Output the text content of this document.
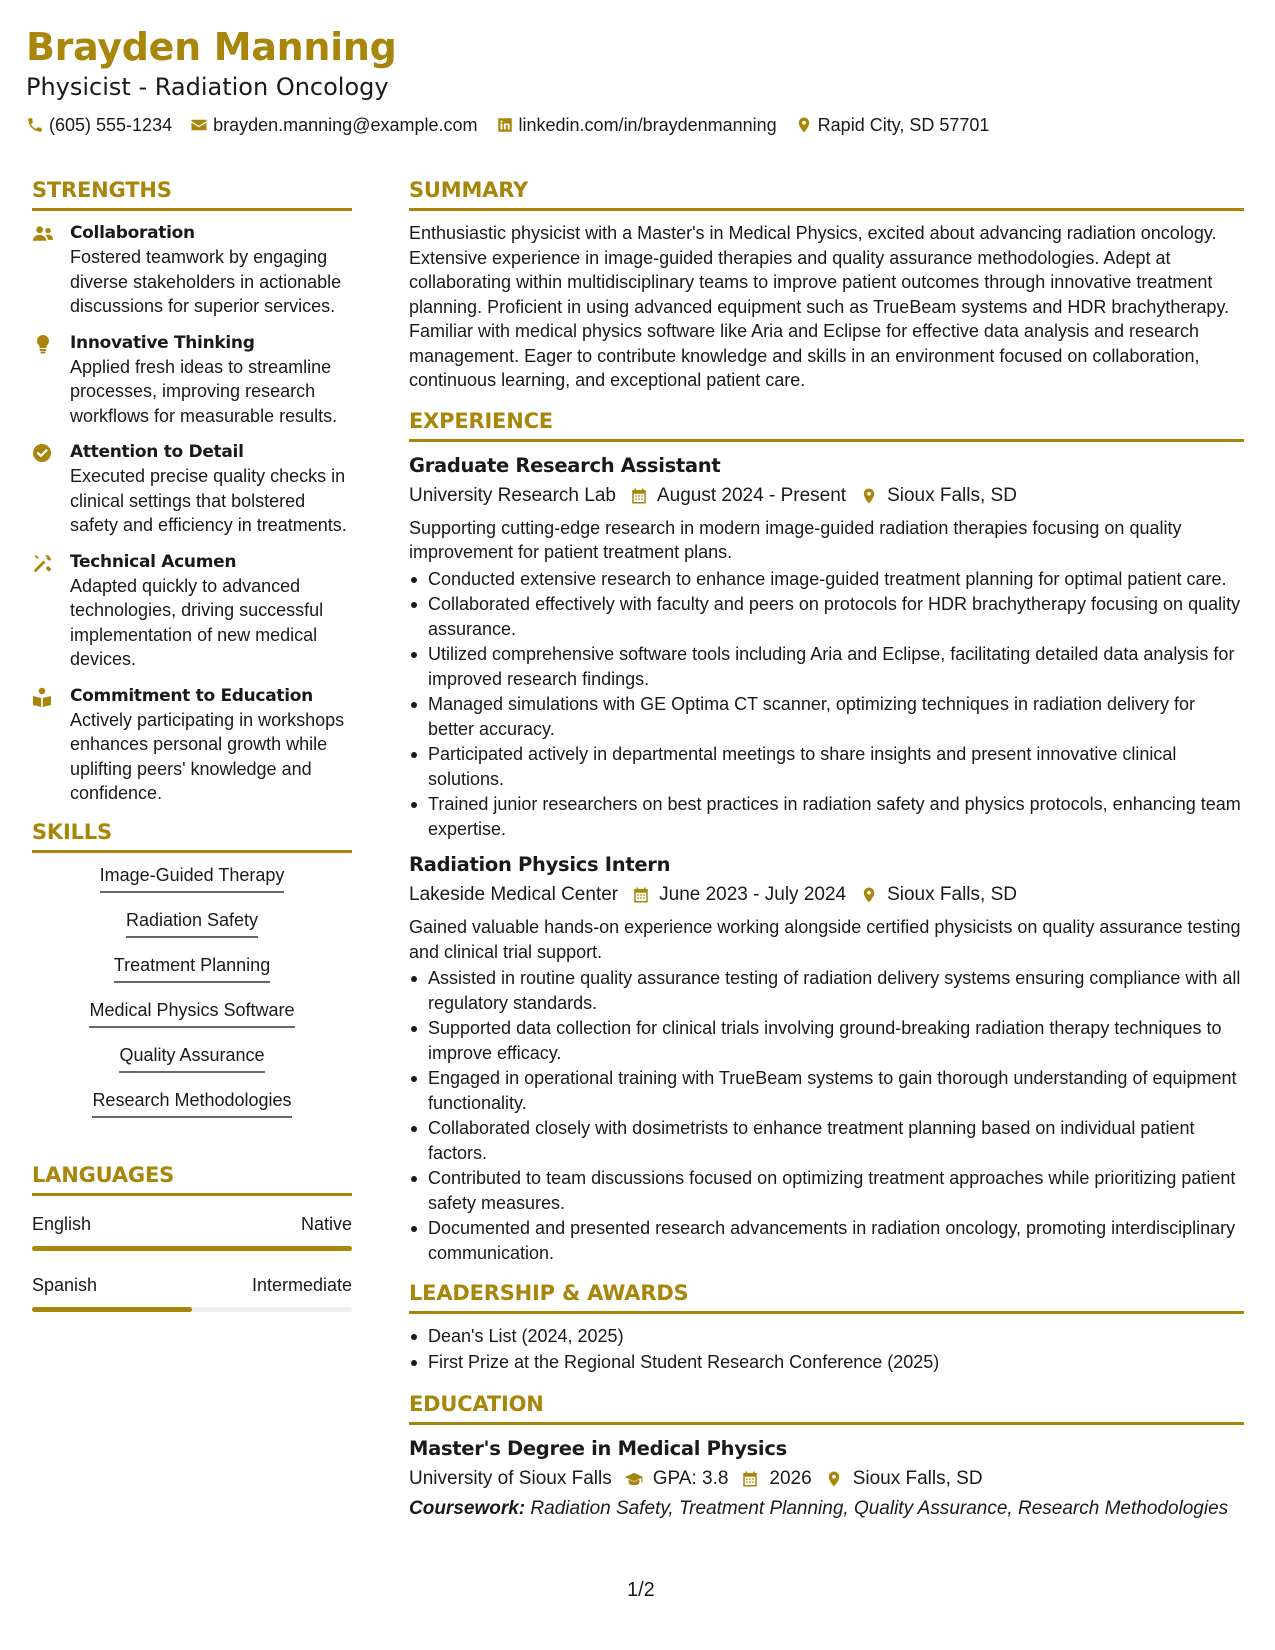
Brayden Manning
Physicist - Radiation Oncology
(605) 555-1234 brayden.manning@example.com linkedin.com/in/braydenmanning Rapid City, SD 57701
STRENGTHS
Collaboration
Fostered teamwork by engaging diverse stakeholders in actionable discussions for superior services.
Innovative Thinking
Applied fresh ideas to streamline processes, improving research workflows for measurable results.
Attention to Detail
Executed precise quality checks in clinical settings that bolstered safety and efficiency in treatments.
Technical Acumen
Adapted quickly to advanced technologies, driving successful implementation of new medical devices.
Commitment to Education
Actively participating in workshops enhances personal growth while uplifting peers' knowledge and confidence.
SKILLS
Image-Guided Therapy
Radiation Safety
Treatment Planning
Medical Physics Software
Quality Assurance
Research Methodologies
LANGUAGES
English	Native
Spanish	Intermediate
SUMMARY
Enthusiastic physicist with a Master's in Medical Physics, excited about advancing radiation oncology. Extensive experience in image-guided therapies and quality assurance methodologies. Adept at collaborating within multidisciplinary teams to improve patient outcomes through innovative treatment planning. Proficient in using advanced equipment such as TrueBeam systems and HDR brachytherapy. Familiar with medical physics software like Aria and Eclipse for effective data analysis and research management. Eager to contribute knowledge and skills in an environment focused on collaboration, continuous learning, and exceptional patient care.
EXPERIENCE
Graduate Research Assistant
University Research Lab August 2024 - Present Sioux Falls, SD
Supporting cutting-edge research in modern image-guided radiation therapies focusing on quality improvement for patient treatment plans.
Conducted extensive research to enhance image-guided treatment planning for optimal patient care.
Collaborated effectively with faculty and peers on protocols for HDR brachytherapy focusing on quality assurance.
Utilized comprehensive software tools including Aria and Eclipse, facilitating detailed data analysis for improved research findings.
Managed simulations with GE Optima CT scanner, optimizing techniques in radiation delivery for better accuracy.
Participated actively in departmental meetings to share insights and present innovative clinical solutions.
Trained junior researchers on best practices in radiation safety and physics protocols, enhancing team expertise.
Radiation Physics Intern
Lakeside Medical Center June 2023 - July 2024 Sioux Falls, SD
Gained valuable hands-on experience working alongside certified physicists on quality assurance testing and clinical trial support.
Assisted in routine quality assurance testing of radiation delivery systems ensuring compliance with all regulatory standards.
Supported data collection for clinical trials involving ground-breaking radiation therapy techniques to improve efficacy.
Engaged in operational training with TrueBeam systems to gain thorough understanding of equipment functionality.
Collaborated closely with dosimetrists to enhance treatment planning based on individual patient factors.
Contributed to team discussions focused on optimizing treatment approaches while prioritizing patient safety measures.
Documented and presented research advancements in radiation oncology, promoting interdisciplinary communication.
LEADERSHIP & AWARDS
Dean's List (2024, 2025)
First Prize at the Regional Student Research Conference (2025)
EDUCATION
Master's Degree in Medical Physics
University of Sioux Falls GPA: 3.8 2026 Sioux Falls, SD
Coursework: Radiation Safety, Treatment Planning, Quality Assurance, Research Methodologies
1/2
